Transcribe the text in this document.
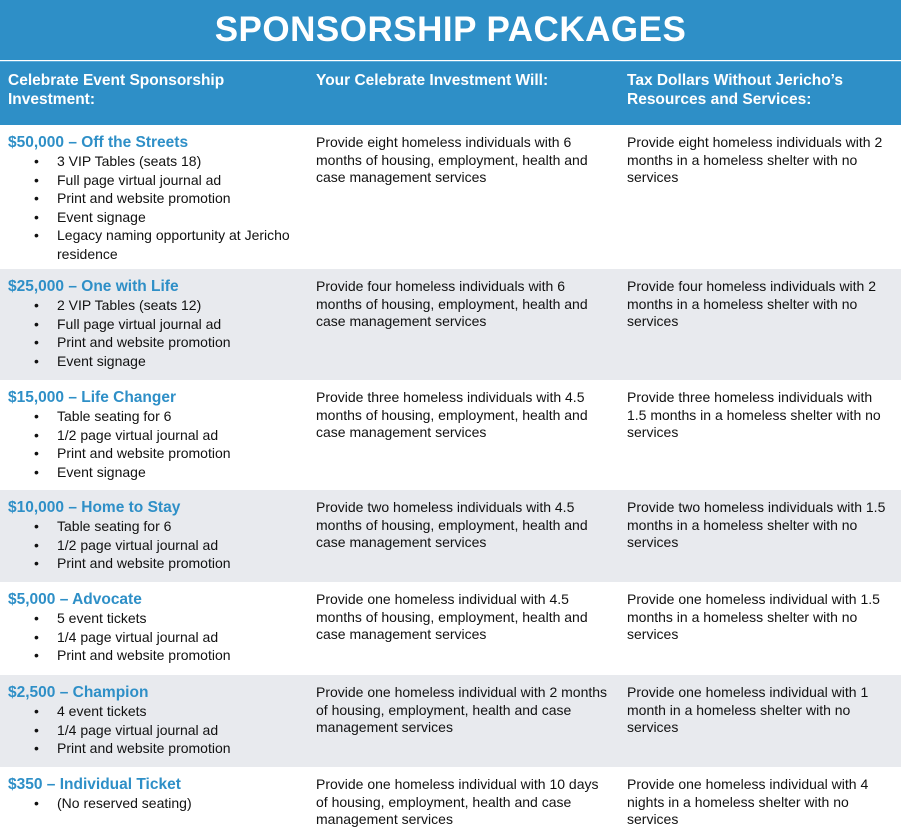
SPONSORSHIP PACKAGES
Celebrate Event Sponsorship Investment:
Your Celebrate Investment Will:	Tax Dollars Without Jericho’s Resources and Services:
$50,000 – Off the Streets
• 3 VIP Tables (seats 18)
• Full page virtual journal ad
• Print and website promotion
• Event signage
• Legacy naming opportunity at Jericho residence
Provide eight homeless individuals with 6 months of housing, employment, health and case management services
Provide eight homeless individuals with 2 months in a homeless shelter with no services
$25,000 – One with Life
• 2 VIP Tables (seats 12)
• Full page virtual journal ad
• Print and website promotion
• Event signage
Provide four homeless individuals with 6 months of housing, employment, health and case management services
Provide four homeless individuals with 2 months in a homeless shelter with no services
$15,000 – Life Changer
• Table seating for 6
• 1/2 page virtual journal ad
• Print and website promotion
• Event signage
Provide three homeless individuals with 4.5 months of housing, employment, health and case management services
Provide three homeless individuals with 1.5 months in a homeless shelter with no services
$10,000 – Home to Stay
• Table seating for 6
• 1/2 page virtual journal ad
• Print and website promotion
Provide two homeless individuals with 4.5 months of housing, employment, health and case management services
Provide two homeless individuals with 1.5 months in a homeless shelter with no services
$5,000 – Advocate
• 5 event tickets
• 1/4 page virtual journal ad
• Print and website promotion
Provide one homeless individual with 4.5 months of housing, employment, health and case management services
Provide one homeless individual with 1.5 months in a homeless shelter with no services
$2,500 – Champion
• 4 event tickets
• 1/4 page virtual journal ad
• Print and website promotion
Provide one homeless individual with 2 months of housing, employment, health and case management services
Provide one homeless individual with 1 month in a homeless shelter with no services
$350 – Individual Ticket
• (No reserved seating)
Provide one homeless individual with 10 days of housing, employment, health and case management services
Provide one homeless individual with 4 nights in a homeless shelter with no services
